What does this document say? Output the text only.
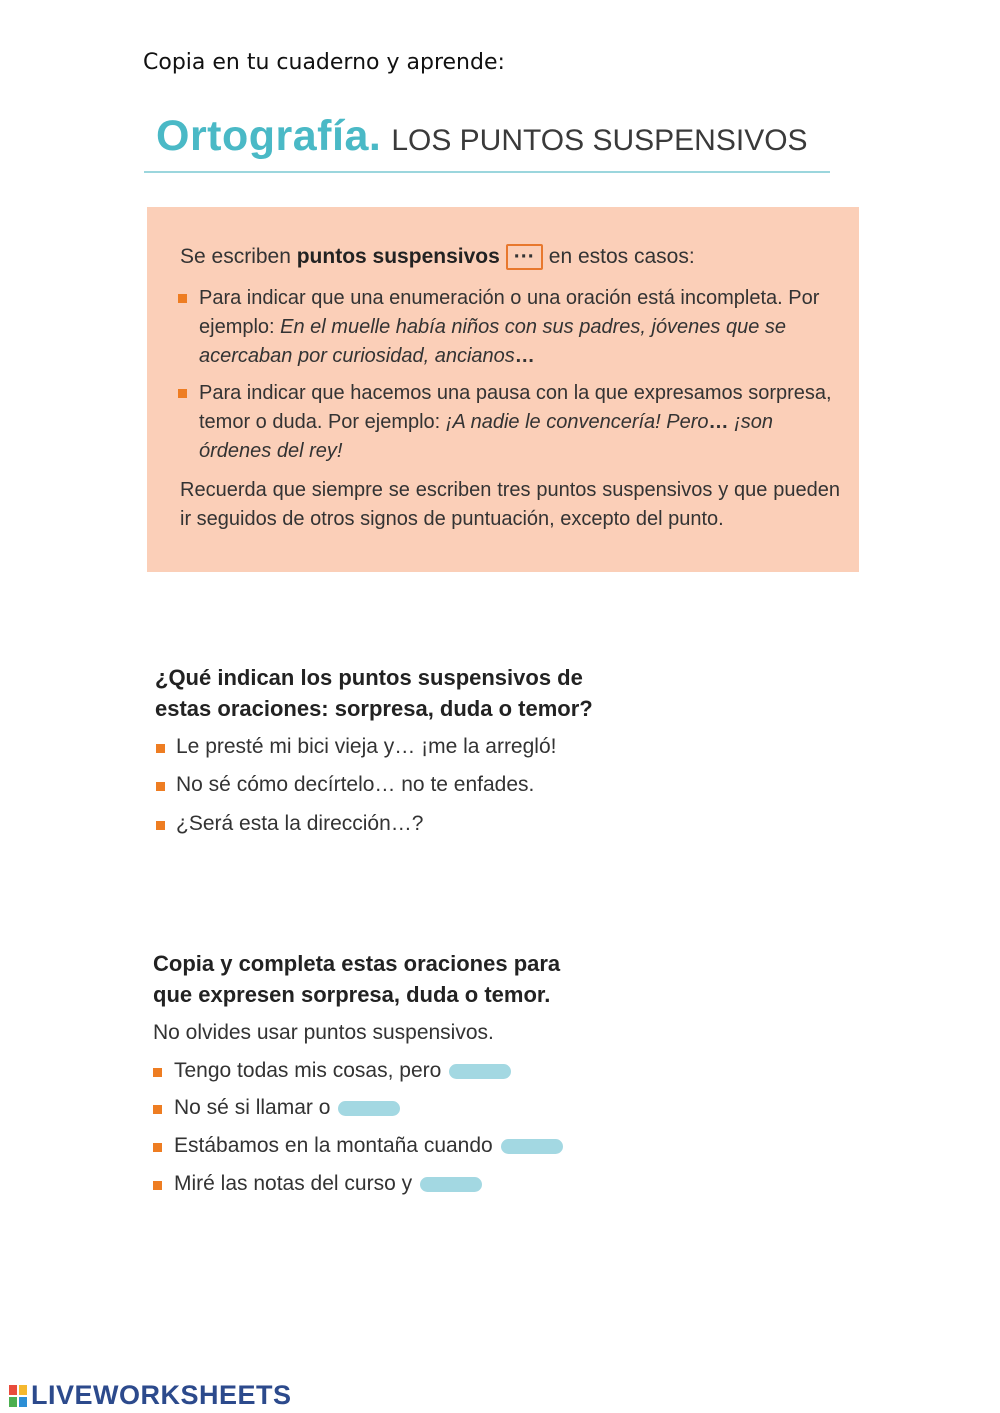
Copia en tu cuaderno y aprende:
Ortografía. LOS PUNTOS SUSPENSIVOS
Se escriben puntos suspensivos ··· en estos casos:
Para indicar que una enumeración o una oración está incompleta. Por ejemplo: En el muelle había niños con sus padres, jóvenes que se acercaban por curiosidad, ancianos…
Para indicar que hacemos una pausa con la que expresamos sorpresa, temor o duda. Por ejemplo: ¡A nadie le convencería! Pero… ¡son órdenes del rey!
Recuerda que siempre se escriben tres puntos suspensivos y que pueden ir seguidos de otros signos de puntuación, excepto del punto.
¿Qué indican los puntos suspensivos de
estas oraciones: sorpresa, duda o temor?
Le presté mi bici vieja y… ¡me la arregló!
No sé cómo decírtelo… no te enfades.
¿Será esta la dirección…?
Copia y completa estas oraciones para
que expresen sorpresa, duda o temor.
No olvides usar puntos suspensivos.
Tengo todas mis cosas, pero
No sé si llamar o
Estábamos en la montaña cuando
Miré las notas del curso y
LIVEWORKSHEETS
